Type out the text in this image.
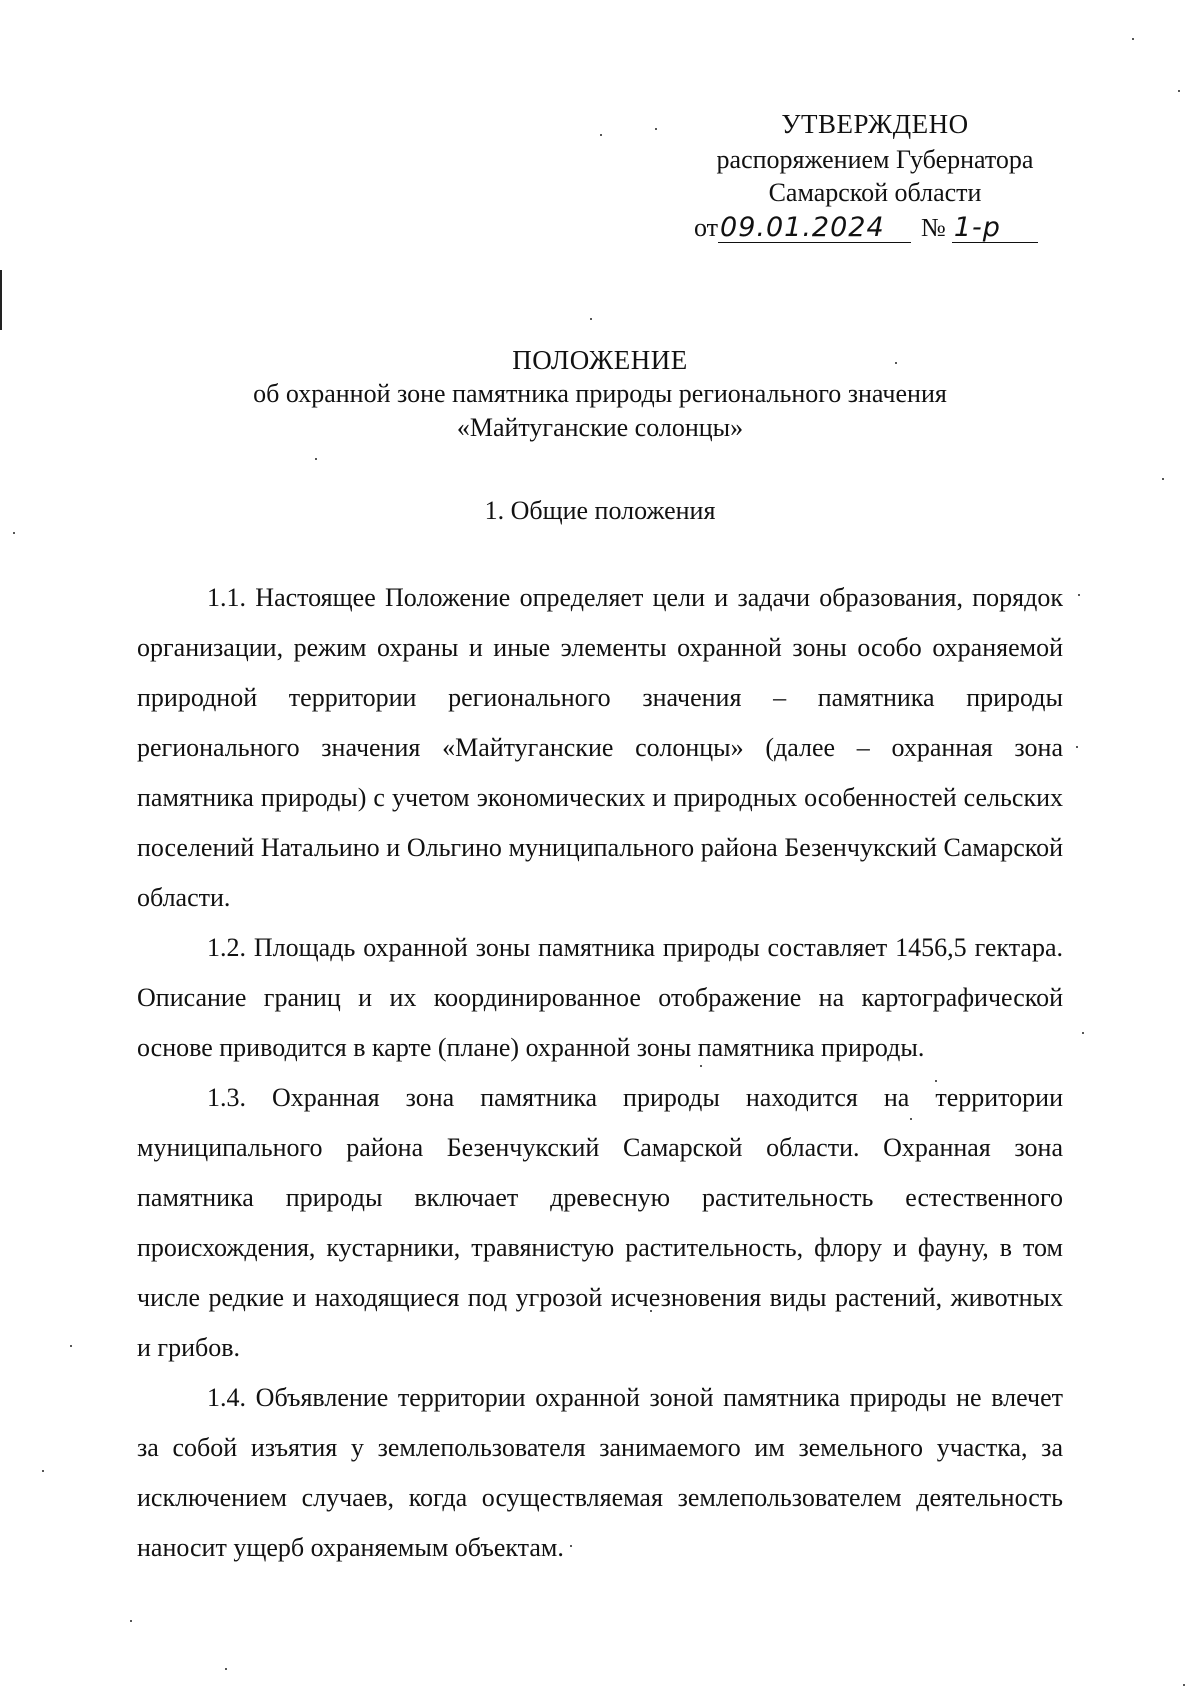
УТВЕРЖДЕНО
распоряжением Губернатора
Самарской области
от09.01.2024 № 1-р
ПОЛОЖЕНИЕ
об охранной зоне памятника природы регионального значения
«Майтуганские солонцы»
1. Общие положения

1.1. Настоящее Положение определяет цели и задачи образования, порядок организации, режим охраны и иные элементы охранной зоны особо охраняемой природной территории регионального значения – памятника природы регионального значения «Майтуганские солонцы» (далее – охранная зона памятника природы) с учетом экономических и природных особенностей сельских поселений Натальино и Ольгино муниципального района Безенчукский Самарской области.

1.2. Площадь охранной зоны памятника природы составляет 1456,5 гектара. Описание границ и их координированное отображение на картографической основе приводится в карте (плане) охранной зоны памятника природы.

1.3. Охранная зона памятника природы находится на территории муниципального района Безенчукский Самарской области. Охранная зона памятника природы включает древесную растительность естественного происхождения, кустарники, травянистую растительность, флору и фауну, в том числе редкие и находящиеся под угрозой исчезновения виды растений, животных и грибов.

1.4. Объявление территории охранной зоной памятника природы не влечет за собой изъятия у землепользователя занимаемого им земельного участка, за исключением случаев, когда осуществляемая землепользователем деятельность наносит ущерб охраняемым объектам.
